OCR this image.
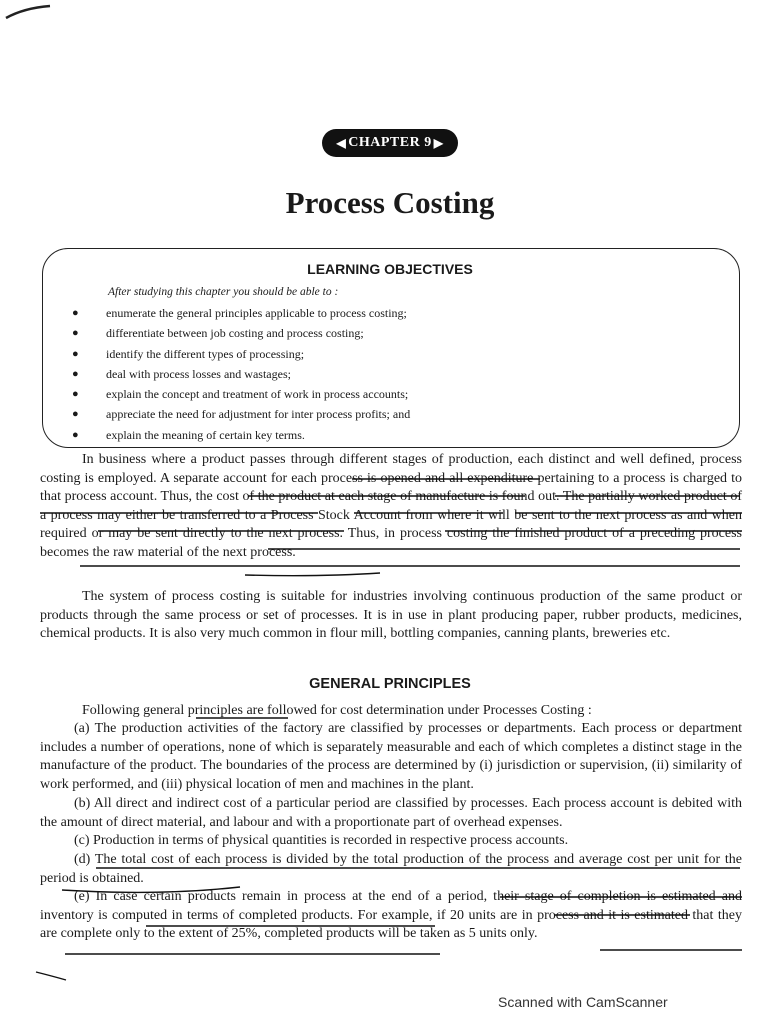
◀ CHAPTER 9 ▶
Process Costing
LEARNING OBJECTIVES
After studying this chapter you should be able to :
● enumerate the general principles applicable to process costing;
● differentiate between job costing and process costing;
● identify the different types of processing;
● deal with process losses and wastages;
● explain the concept and treatment of work in process accounts;
● appreciate the need for adjustment for inter process profits; and
● explain the meaning of certain key terms.

In business where a product passes through different stages of production, each distinct and well defined, process costing is employed. A separate account for each process is opened and all expenditure pertaining to a process is charged to that process account. Thus, the cost of the product at each stage of manufacture is found out. The partially worked product of a process may either be transferred to a Process Stock Account from where it will be sent to the next process as and when required or may be sent directly to the next process. Thus, in process costing the finished product of a preceding process becomes the raw material of the next process.

The system of process costing is suitable for industries involving continuous production of the same product or products through the same process or set of processes. It is in use in plant producing paper, rubber products, medicines, chemical products. It is also very much common in flour mill, bottling companies, canning plants, breweries etc.

GENERAL PRINCIPLES

Following general principles are followed for cost determination under Processes Costing :

(a) The production activities of the factory are classified by processes or departments. Each process or department includes a number of operations, none of which is separately measurable and each of which completes a distinct stage in the manufacture of the product. The boundaries of the process are determined by (i) jurisdiction or supervision, (ii) similarity of work performed, and (iii) physical location of men and machines in the plant.

(b) All direct and indirect cost of a particular period are classified by processes. Each process account is debited with the amount of direct material, and labour and with a proportionate part of overhead expenses.

(c) Production in terms of physical quantities is recorded in respective process accounts.

(d) The total cost of each process is divided by the total production of the process and average cost per unit for the period is obtained.

(e) In case certain products remain in process at the end of a period, their stage of completion is estimated and inventory is computed in terms of completed products. For example, if 20 units are in process and it is estimated that they are complete only to the extent of 25%, completed products will be taken as 5 units only.

Scanned with CamScanner
